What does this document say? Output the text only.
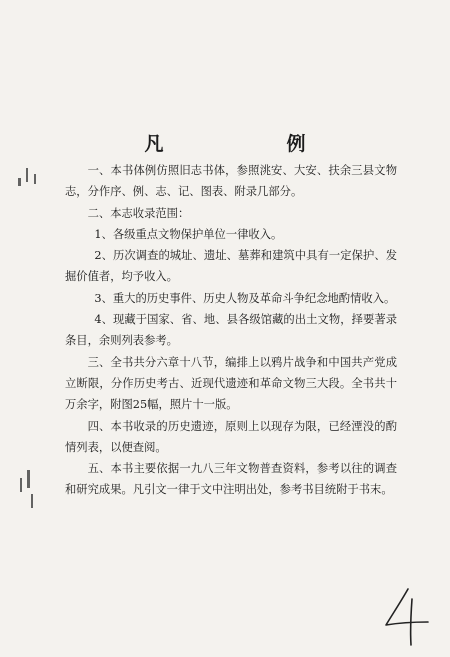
凡　例

一、本书体例仿照旧志书体，参照洮安、大安、扶余三县文物志，分作序、例、志、记、图表、附录几部分。

二、本志收录范围：

1、各级重点文物保护单位一律收入。

2、历次调查的城址、遗址、墓葬和建筑中具有一定保护、发掘价值者，均予收入。

3、重大的历史事件、历史人物及革命斗争纪念地酌情收入。

4、现藏于国家、省、地、县各级馆藏的出土文物，择要著录条目，余则列表参考。

三、全书共分六章十八节，编排上以鸦片战争和中国共产党成立断限，分作历史考古、近现代遗迹和革命文物三大段。全书共十万余字，附图25幅，照片十一版。

四、本书收录的历史遗迹，原则上以现存为限，已经湮没的酌情列表，以便查阅。

五、本书主要依据一九八三年文物普查资料，参考以往的调查和研究成果。凡引文一律于文中注明出处，参考书目统附于书末。
